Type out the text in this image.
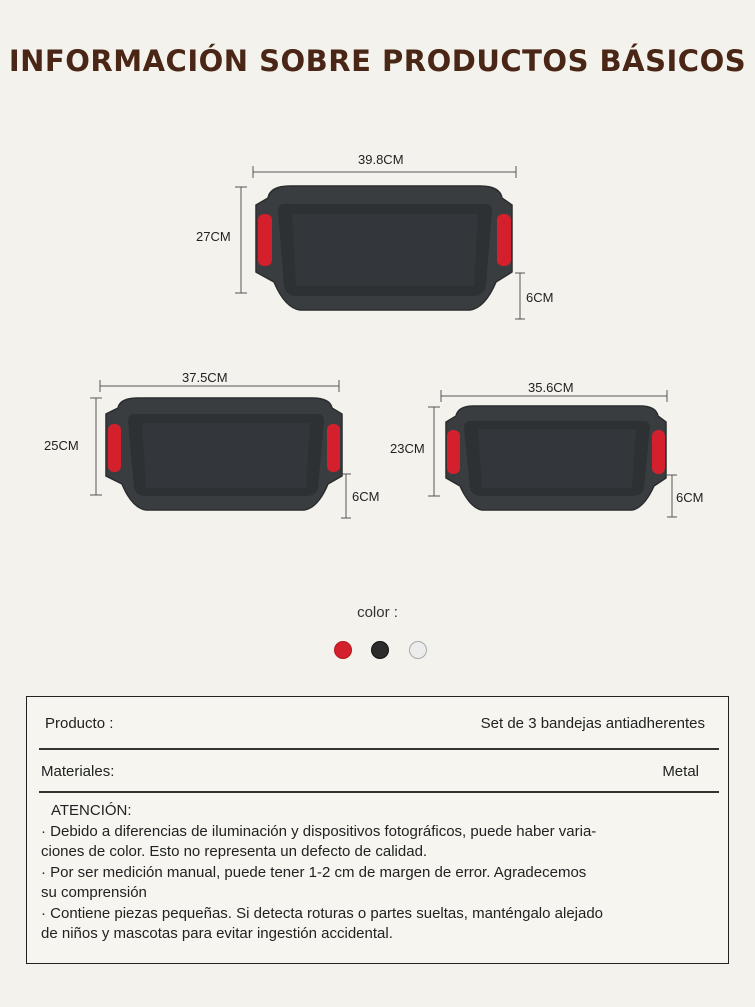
INFORMACIÓN SOBRE PRODUCTOS BÁSICOS
39.8CM
27CM
6CM
37.5CM
25CM
6CM
35.6CM
23CM
6CM
color :
Producto :	Set de 3 bandejas antiadherentes
Materiales:	Metal

ATENCIÓN:

· Debido a diferencias de iluminación y dispositivos fotográficos, puede haber varia-

ciones de color. Esto no representa un defecto de calidad.

· Por ser medición manual, puede tener 1-2 cm de margen de error. Agradecemos

su comprensión

· Contiene piezas pequeñas. Si detecta roturas o partes sueltas, manténgalo alejado

de niños y mascotas para evitar ingestión accidental.
